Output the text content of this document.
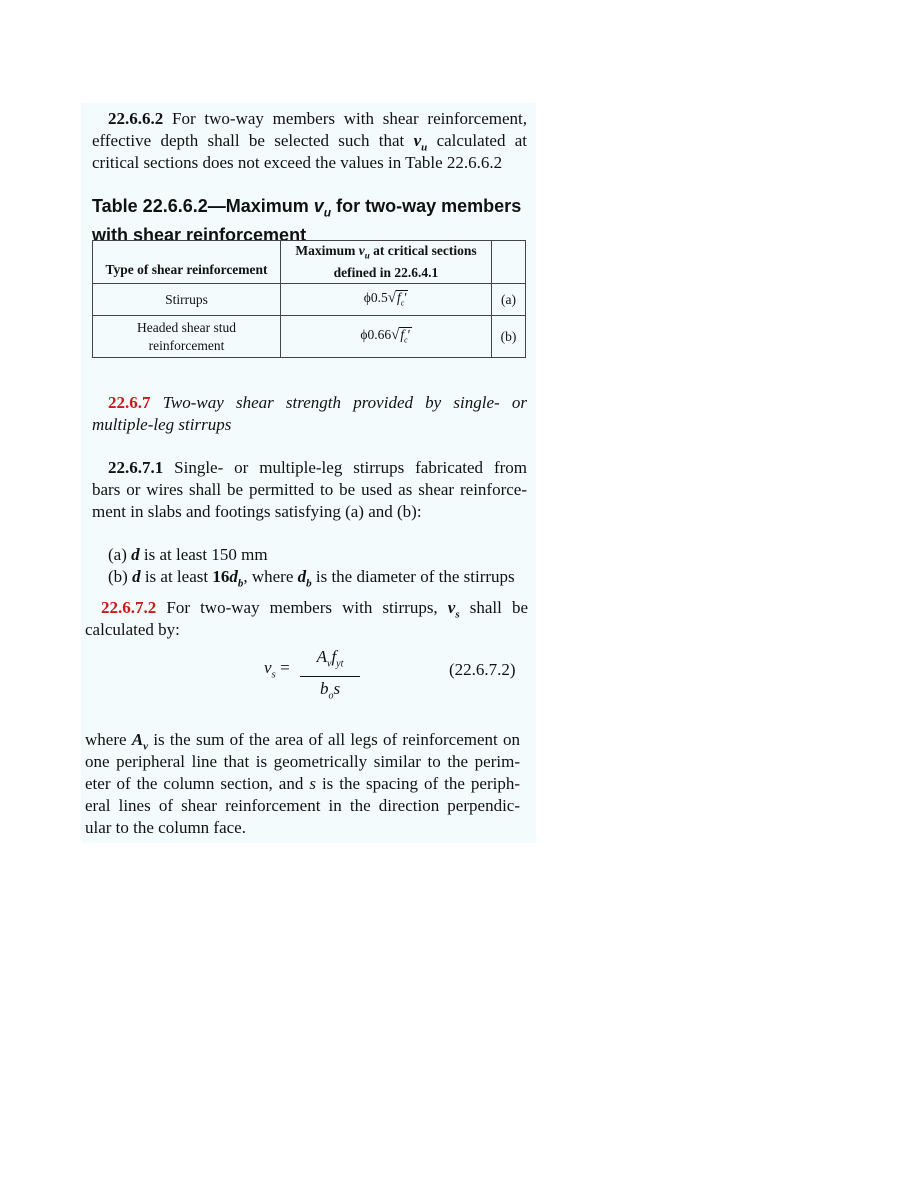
22.6.6.2 For two-way members with shear reinforcement,

effective depth shall be selected such that $v_u$ calculated at

critical sections does not exceed the values in Table 22.6.6.2

Table 22.6.6.2—Maximum $v_u$ for two-way members
with shear reinforcement
Type of shear reinforcement	Maximum $v_u$ at critical sections
defined in 22.6.4.1	
Stirrups	$\phi 0.5√f_c'$	(a)
Headed shear stud
reinforcement	$\phi 0.66√f_c'$	(b)

22.6.7 Two-way shear strength provided by single- or

multiple-leg stirrups

22.6.7.1 Single- or multiple-leg stirrups fabricated from

bars or wires shall be permitted to be used as shear reinforce-

ment in slabs and footings satisfying (a) and (b):

(a) d is at least 150 mm

(b) d is at least $16d_b$, where $d_b$ is the diameter of the stirrups

22.6.7.2 For two-way members with stirrups, $v_s$ shall be

calculated by:

$v_s$ =
$A_vf_{yt}$
$b_os$
(22.6.7.2)

where $A_v$ is the sum of the area of all legs of reinforcement on

one peripheral line that is geometrically similar to the perim-

eter of the column section, and s is the spacing of the periph-

eral lines of shear reinforcement in the direction perpendic-

ular to the column face.
